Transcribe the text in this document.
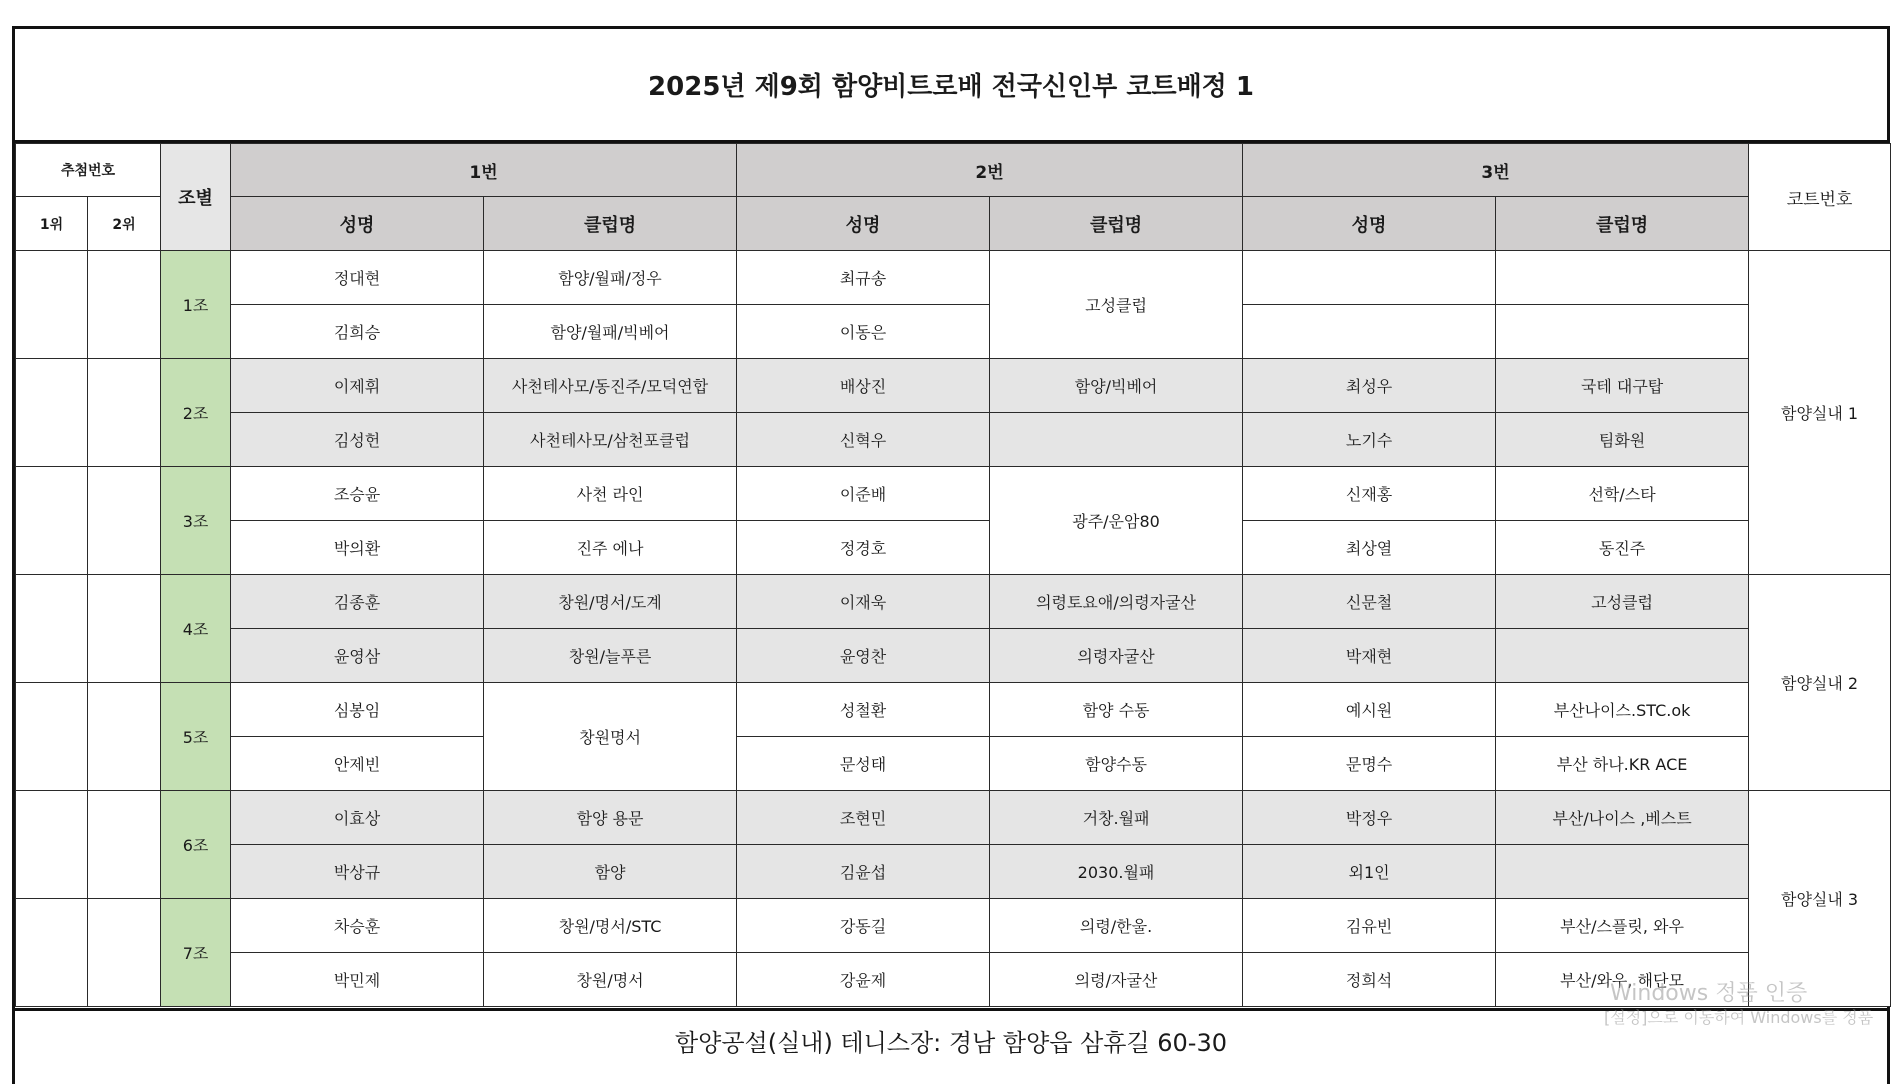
2025년 제9회 함양비트로배 전국신인부 코트배정 1
추첨번호		조별	1번		2번		3번		코트번호
1위	2위		성명	클럽명	성명	클럽명	성명	클럽명	
		1조	정대현	함양/월패/정우	최규송	고성클럽			함양실내 1
			김희승	함양/월패/빅베어	이동은				
		2조	이제휘	사천테사모/동진주/모덕연합	배상진	함양/빅베어	최성우	국테 대구탑	
			김성헌	사천테사모/삼천포클럽	신혁우		노기수	팀화원	
		3조	조승윤	사천 라인	이준배	광주/운암80	신재홍	선학/스타	
			박의환	진주 에나	정경호		최상열	동진주	
		4조	김종훈	창원/명서/도계	이재욱	의령토요애/의령자굴산	신문철	고성클럽	함양실내 2
			윤영삼	창원/늘푸른	윤영찬	의령자굴산	박재현		
		5조	심봉임	창원명서	성철환	함양 수동	예시원	부산나이스.STC.ok	
			안제빈		문성태	함양수동	문명수	부산 하나.KR ACE	
		6조	이효상	함양 용문	조현민	거창.월패	박정우	부산/나이스 ,베스트	함양실내 3
			박상규	함양	김윤섭	2030.월패	외1인		
		7조	차승훈	창원/명서/STC	강동길	의령/한울.	김유빈	부산/스플릿, 와우	
			박민제	창원/명서	강윤제	의령/자굴산	정희석	부산/와우, 해단모	
함양공설(실내) 테니스장: 경남 함양읍 삼휴길 60-30
Windows 정품 인증
[설정]으로 이동하여 Windows를 정품
